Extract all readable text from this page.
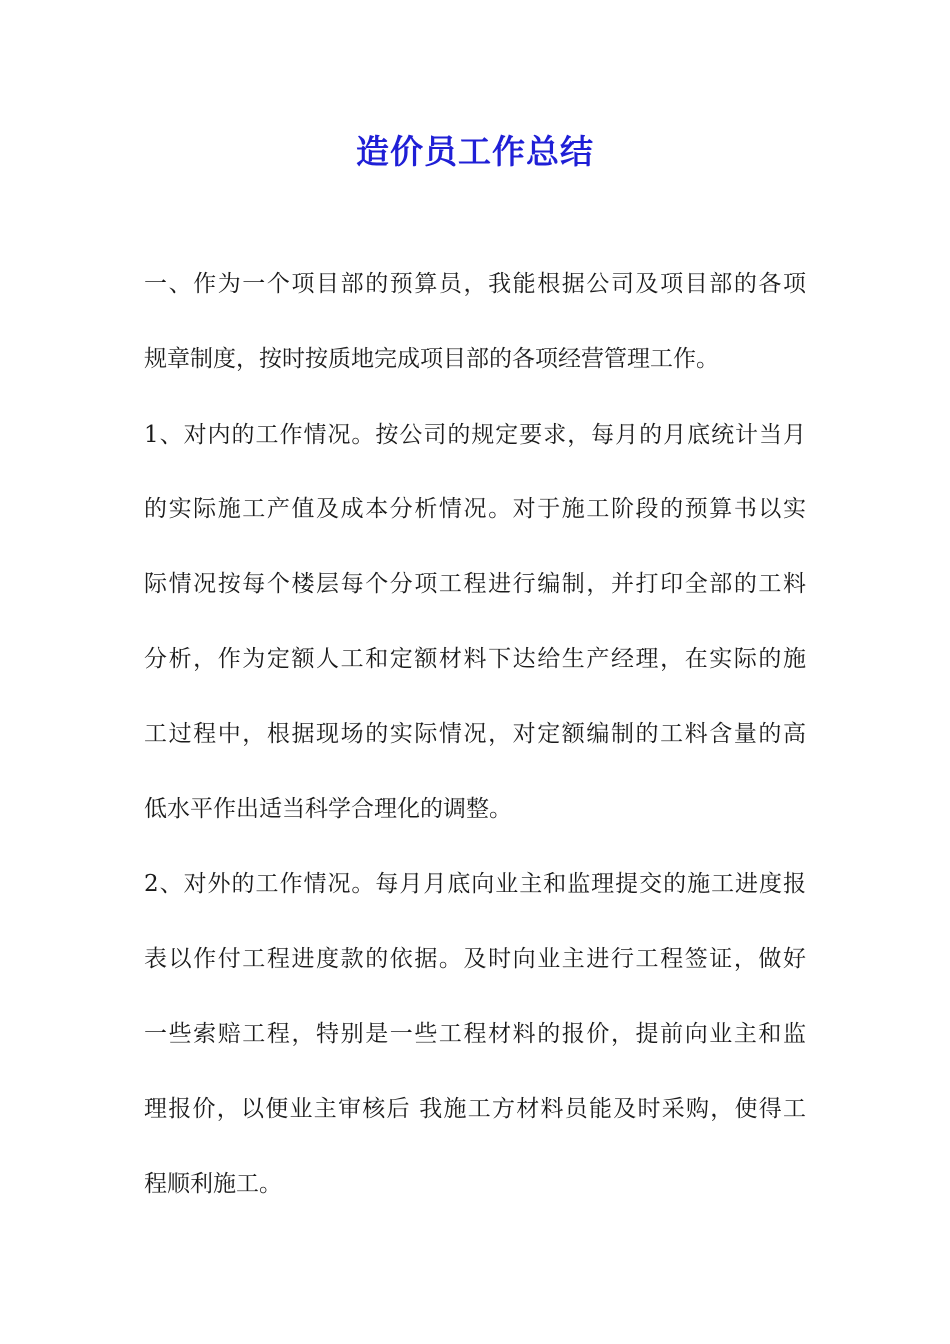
造价员工作总结
一、作为一个项目部的预算员，我能根据公司及项目部的各项
规章制度，按时按质地完成项目部的各项经营管理工作。
1、对内的工作情况。按公司的规定要求，每月的月底统计当月
的实际施工产值及成本分析情况。对于施工阶段的预算书以实
际情况按每个楼层每个分项工程进行编制，并打印全部的工料
分析，作为定额人工和定额材料下达给生产经理，在实际的施
工过程中，根据现场的实际情况，对定额编制的工料含量的高
低水平作出适当科学合理化的调整。
2、对外的工作情况。每月月底向业主和监理提交的施工进度报
表以作付工程进度款的依据。及时向业主进行工程签证，做好
一些索赔工程，特别是一些工程材料的报价，提前向业主和监
理报价，以便业主审核后 我施工方材料员能及时采购，使得工
程顺利施工。
